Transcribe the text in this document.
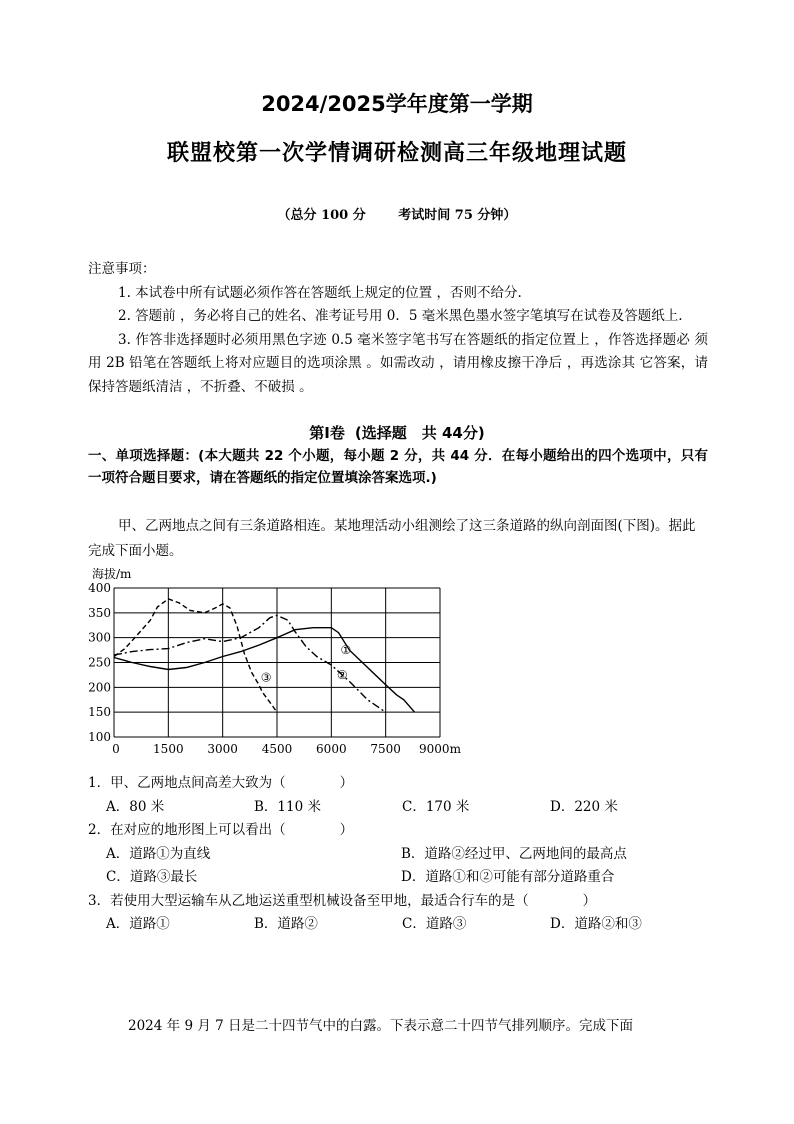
2024/2025学年度第一学期
联盟校第一次学情调研检测高三年级地理试题
（总分 100 分	考试时间 75 分钟）

注意事项：

1. 本试卷中所有试题必须作答在答题纸上规定的位置 ，否则不给分.

2. 答题前 ，务必将自己的姓名、准考证号用 0．5 毫米黑色墨水签字笔填写在试卷及答题纸上.

3. 作答非选择题时必须用黑色字迹 0.5 毫米签字笔书写在答题纸的指定位置上 ，作答选择题必 须用 2B 铅笔在答题纸上将对应题目的选项涂黑 。如需改动 ，请用橡皮擦干净后 ，再选涂其 它答案，请保持答题纸清洁 ，不折叠、不破损 。

第Ⅰ卷 (选择题　共 44分)
一、单项选择题：(本大题共 22 个小题，每小题 2 分，共 44 分．在每小题给出的四个选项中，只有一项符合题目要求，请在答题纸的指定位置填涂答案选项.)
甲、乙两地点之间有三条道路相连。某地理活动小组测绘了这三条道路的纵向剖面图(下图)。据此完成下面小题。
100
150
200
250
300
350
400
0	1500 3000 4500 6000 7500 9000m
海拔/m
①
②
③
1．甲、乙两地点间高差大致为（　　　　）
A．80 米	B．110 米	C．170 米	D．220 米
2．在对应的地形图上可以看出（　　　　）
A．道路①为直线	B．道路②经过甲、乙两地间的最高点
C．道路③最长	D．道路①和②可能有部分道路重合
3．若使用大型运输车从乙地运送重型机械设备至甲地，最适合行车的是（　　　　）
A．道路①	B．道路②	C．道路③	D．道路②和③
2024 年 9 月 7 日是二十四节气中的白露。下表示意二十四节气排列顺序。完成下面
